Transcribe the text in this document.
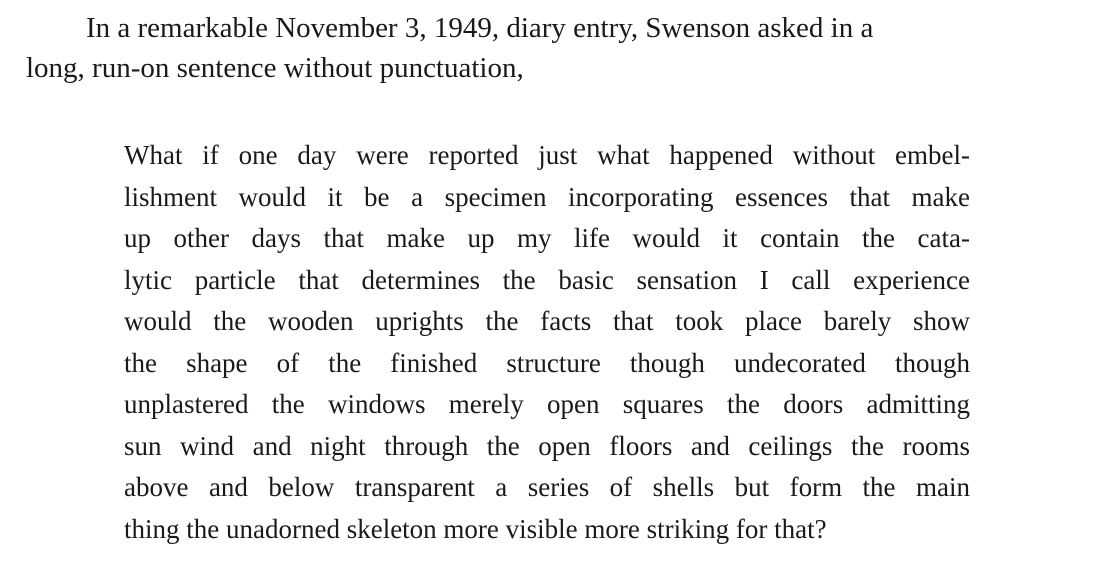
In a remarkable November 3, 1949, diary entry, Swenson asked in a
long, run-on sentence without punctuation,

What if one day were reported just what happened without embel-
lishment would it be a specimen incorporating essences that make
up other days that make up my life would it contain the cata-
lytic particle that determines the basic sensation I call experience
would the wooden uprights the facts that took place barely show
the shape of the finished structure though undecorated though
unplastered the windows merely open squares the doors admitting
sun wind and night through the open floors and ceilings the rooms
above and below transparent a series of shells but form the main
thing the unadorned skeleton more visible more striking for that?
